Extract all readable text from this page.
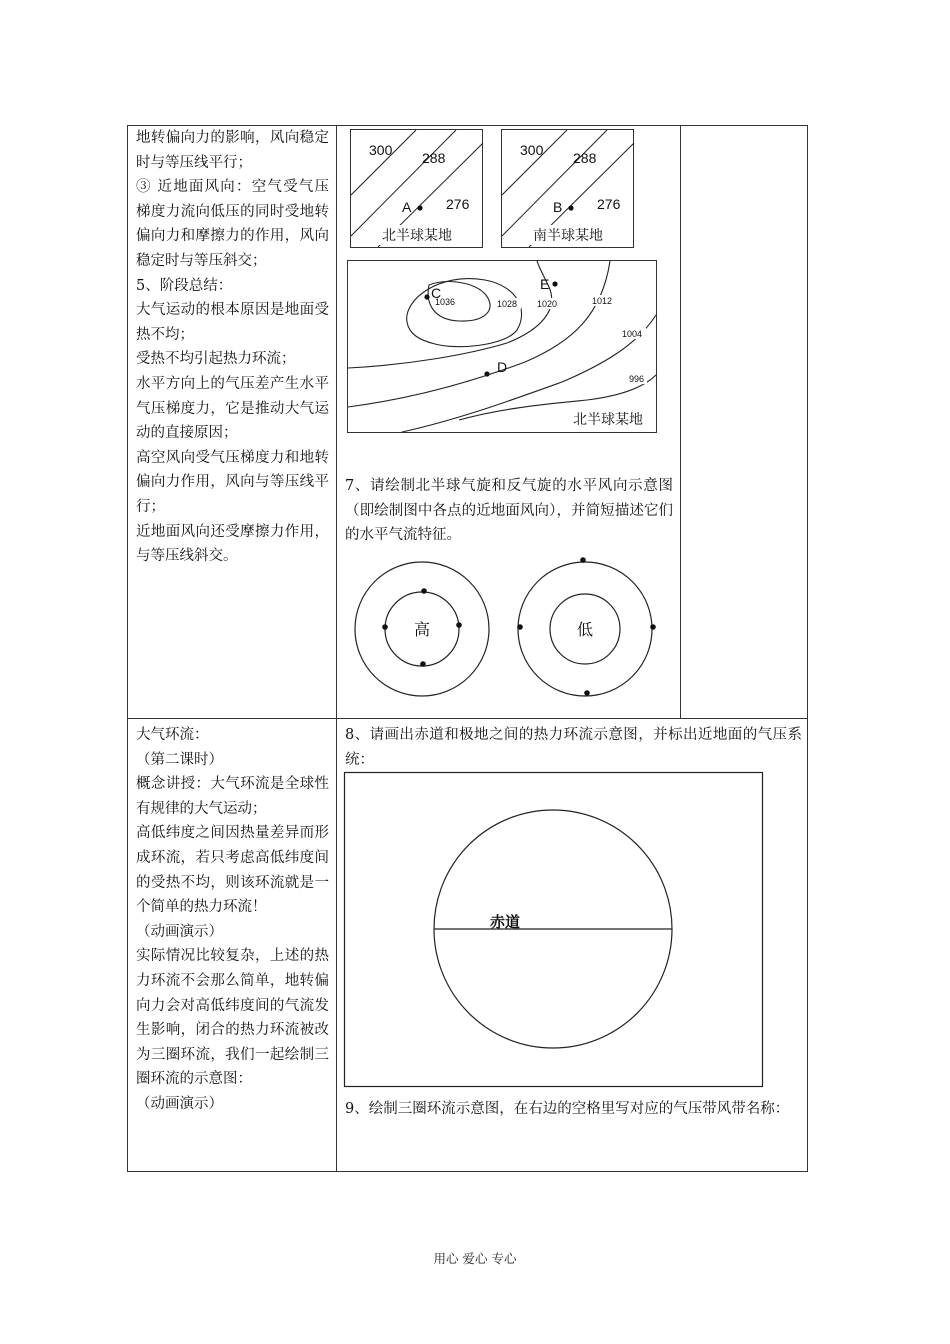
地转偏向力的影响，风向稳定时与等压线平行；

③ 近地面风向：空气受气压梯度力流向低压的同时受地转偏向力和摩擦力的作用，风向稳定时与等压斜交；

5、阶段总结：

大气运动的根本原因是地面受热不均；

受热不均引起热力环流；

水平方向上的气压差产生水平气压梯度力，它是推动大气运动的直接原因；

高空风向受气压梯度力和地转偏向力作用，风向与等压线平行；

近地面风向还受摩擦力作用，与等压线斜交。

300 288
276
A
北半球某地
300 288
276
B
南半球某地
1036	1028 1020	1012
1004
996
C
D
E
北半球某地

7、请绘制北半球气旋和反气旋的水平风向示意图（即绘制图中各点的近地面风向），并简短描述它们的水平气流特征。

高	低

大气环流：

（第二课时）

概念讲授：大气环流是全球性有规律的大气运动；

高低纬度之间因热量差异而形成环流，若只考虑高低纬度间的受热不均，则该环流就是一个简单的热力环流！

（动画演示）

实际情况比较复杂，上述的热力环流不会那么简单，地转偏向力会对高低纬度间的气流发生影响，闭合的热力环流被改为三圈环流，我们一起绘制三圈环流的示意图：

（动画演示）

8、请画出赤道和极地之间的热力环流示意图，并标出近地面的气压系统：

赤道

9、绘制三圈环流示意图，在右边的空格里写对应的气压带风带名称：

用心 爱心 专心
